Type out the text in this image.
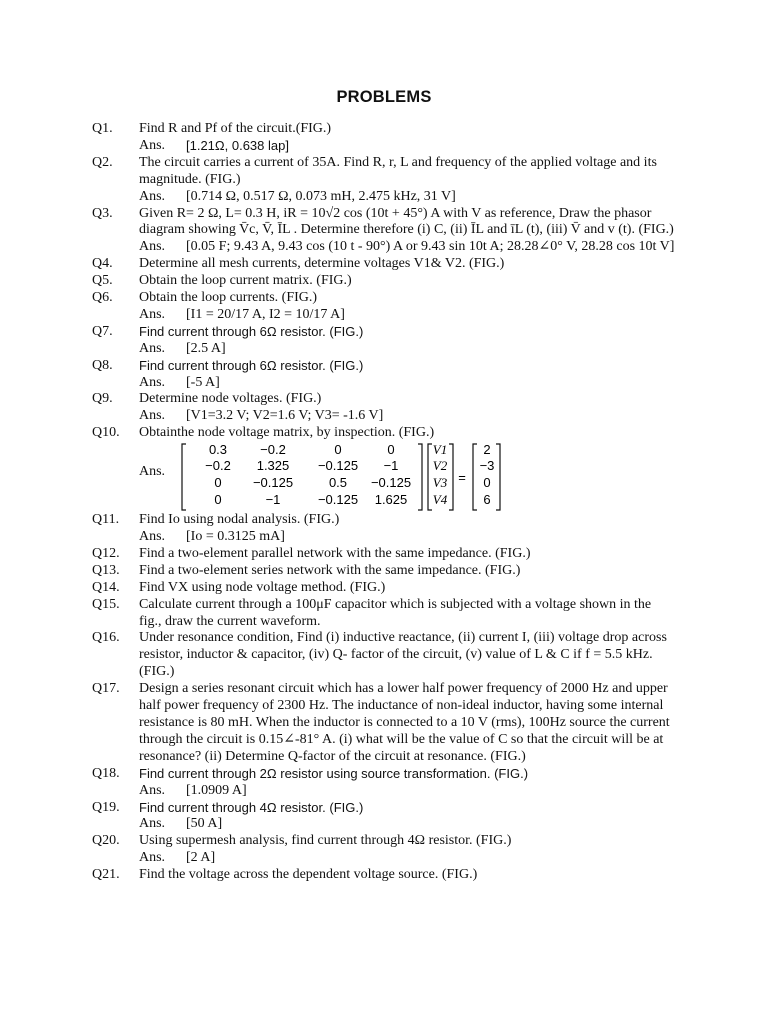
PROBLEMS
Q1. Find R and Pf of the circuit.(FIG.)
Ans. [1.21Ω, 0.638 lap]
Q2. The circuit carries a current of 35A. Find R, r, L and frequency of the applied voltage and its magnitude. (FIG.)
Ans. [0.714 Ω, 0.517 Ω, 0.073 mH, 2.475 kHz, 31 V]
Q3. Given R= 2 Ω, L= 0.3 H, iR = 10√2 cos (10t + 45°) A with V as reference, Draw the phasor diagram showing V̄c, V̄, ĪL . Determine therefore (i) C, (ii) ĪL and īL (t), (iii) V̄ and v (t). (FIG.)
Ans. [0.05 F; 9.43 A, 9.43 cos (10 t - 90°) A or 9.43 sin 10t A; 28.28∠0° V, 28.28 cos 10t V]
Q4. Determine all mesh currents, determine voltages V1& V2. (FIG.)
Q5. Obtain the loop current matrix. (FIG.)
Q6. Obtain the loop currents. (FIG.)
Ans. [I1 = 20/17 A, I2 = 10/17 A]
Q7. Find current through 6Ω resistor. (FIG.)
Ans. [2.5 A]
Q8. Find current through 6Ω resistor. (FIG.)
Ans. [-5 A]
Q9. Determine node voltages. (FIG.)
Ans. [V1=3.2 V; V2=1.6 V; V3= -1.6 V]
Q10. Obtainthe node voltage matrix, by inspection. (FIG.)
Ans.
0.3	−0.2	0	0
−0.2 1.325 −0.125 −1
0 −0.125	0.5 −0.125
0	−1	−0.125 1.625
V1
V2
V3
V4
2
−3
0
6
=
Q11. Find Io using nodal analysis. (FIG.)
Ans. [Io = 0.3125 mA]
Q12. Find a two-element parallel network with the same impedance. (FIG.)
Q13. Find a two-element series network with the same impedance. (FIG.)
Q14. Find VX using node voltage method. (FIG.)
Q15. Calculate current through a 100μF capacitor which is subjected with a voltage shown in the fig., draw the current waveform.
Q16. Under resonance condition, Find (i) inductive reactance, (ii) current I, (iii) voltage drop across resistor, inductor & capacitor, (iv) Q- factor of the circuit, (v) value of L & C if f = 5.5 kHz. (FIG.)
Q17. Design a series resonant circuit which has a lower half power frequency of 2000 Hz and upper half power frequency of 2300 Hz. The inductance of non-ideal inductor, having some internal resistance is 80 mH. When the inductor is connected to a 10 V (rms), 100Hz source the current through the circuit is 0.15∠-81° A. (i) what will be the value of C so that the circuit will be at resonance? (ii) Determine Q-factor of the circuit at resonance. (FIG.)
Q18. Find current through 2Ω resistor using source transformation. (FIG.)
Ans. [1.0909 A]
Q19. Find current through 4Ω resistor. (FIG.)
Ans. [50 A]
Q20. Using supermesh analysis, find current through 4Ω resistor. (FIG.)
Ans. [2 A]
Q21. Find the voltage across the dependent voltage source. (FIG.)
